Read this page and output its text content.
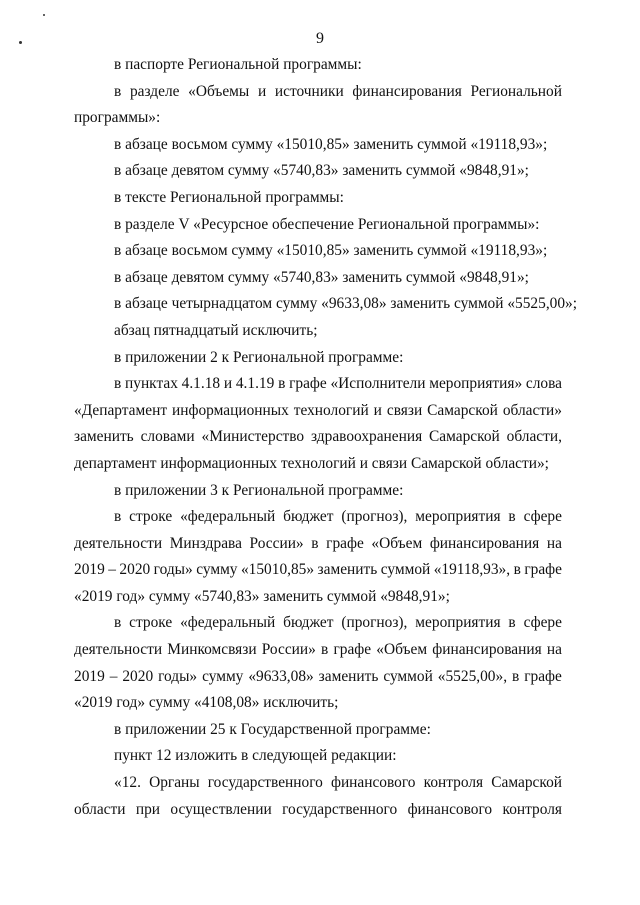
9
в паспорте Региональной программы:
в разделе «Объемы и источники финансирования Региональной
программы»:
в абзаце восьмом сумму «15010,85» заменить суммой «19118,93»;
в абзаце девятом сумму «5740,83» заменить суммой «9848,91»;
в тексте Региональной программы:
в разделе V «Ресурсное обеспечение Региональной программы»:
в абзаце восьмом сумму «15010,85» заменить суммой «19118,93»;
в абзаце девятом сумму «5740,83» заменить суммой «9848,91»;
в абзаце четырнадцатом сумму «9633,08» заменить суммой «5525,00»;
абзац пятнадцатый исключить;
в приложении 2 к Региональной программе:
в пунктах 4.1.18 и 4.1.19 в графе «Исполнители мероприятия» слова
«Департамент информационных технологий и связи Самарской области»
заменить словами «Министерство здравоохранения Самарской области,
департамент информационных технологий и связи Самарской области»;
в приложении 3 к Региональной программе:
в строке «федеральный бюджет (прогноз), мероприятия в сфере
деятельности Минздрава России» в графе «Объем финансирования на
2019 – 2020 годы» сумму «15010,85» заменить суммой «19118,93», в графе
«2019 год» сумму «5740,83» заменить суммой «9848,91»;
в строке «федеральный бюджет (прогноз), мероприятия в сфере
деятельности Минкомсвязи России» в графе «Объем финансирования на
2019 – 2020 годы» сумму «9633,08» заменить суммой «5525,00», в графе
«2019 год» сумму «4108,08» исключить;
в приложении 25 к Государственной программе:
пункт 12 изложить в следующей редакции:
«12. Органы государственного финансового контроля Самарской
области при осуществлении государственного финансового контроля
